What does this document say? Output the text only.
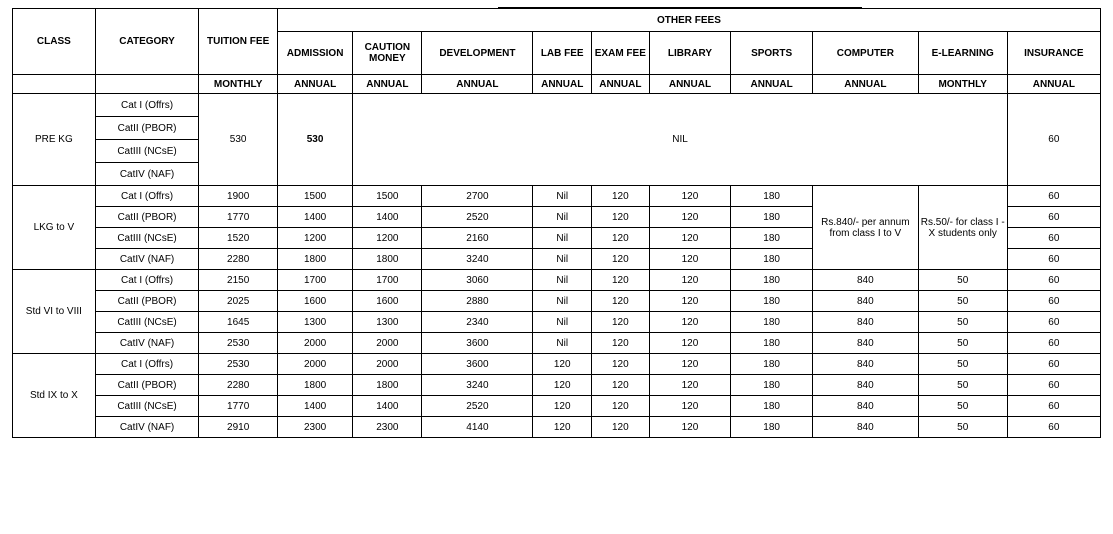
CLASS	CATEGORY	TUITION FEE	OTHER FEES									
			ADMISSION	CAUTION MONEY	DEVELOPMENT	LAB FEE	EXAM FEE	LIBRARY	SPORTS	COMPUTER	E-LEARNING	INSURANCE
		MONTHLY	ANNUAL	ANNUAL	ANNUAL	ANNUAL	ANNUAL	ANNUAL	ANNUAL	ANNUAL	MONTHLY	ANNUAL
PRE KG	Cat I (Offrs)	530	530	NIL								60
	CatII (PBOR)											
	CatIII (NCsE)											
	CatIV (NAF)											
LKG to V	Cat I (Offrs)	1900	1500	1500	2700	Nil	120	120	180	Rs.840/- per annum from class I to V	Rs.50/- for class I -X students only	60
	CatII (PBOR)	1770	1400	1400	2520	Nil	120	120	180			60
	CatIII (NCsE)	1520	1200	1200	2160	Nil	120	120	180			60
	CatIV (NAF)	2280	1800	1800	3240	Nil	120	120	180			60
Std VI to VIII	Cat I (Offrs)	2150	1700	1700	3060	Nil	120	120	180	840	50	60
	CatII (PBOR)	2025	1600	1600	2880	Nil	120	120	180	840	50	60
	CatIII (NCsE)	1645	1300	1300	2340	Nil	120	120	180	840	50	60
	CatIV (NAF)	2530	2000	2000	3600	Nil	120	120	180	840	50	60
Std IX to X	Cat I (Offrs)	2530	2000	2000	3600	120	120	120	180	840	50	60
	CatII (PBOR)	2280	1800	1800	3240	120	120	120	180	840	50	60
	CatIII (NCsE)	1770	1400	1400	2520	120	120	120	180	840	50	60
	CatIV (NAF)	2910	2300	2300	4140	120	120	120	180	840	50	60
